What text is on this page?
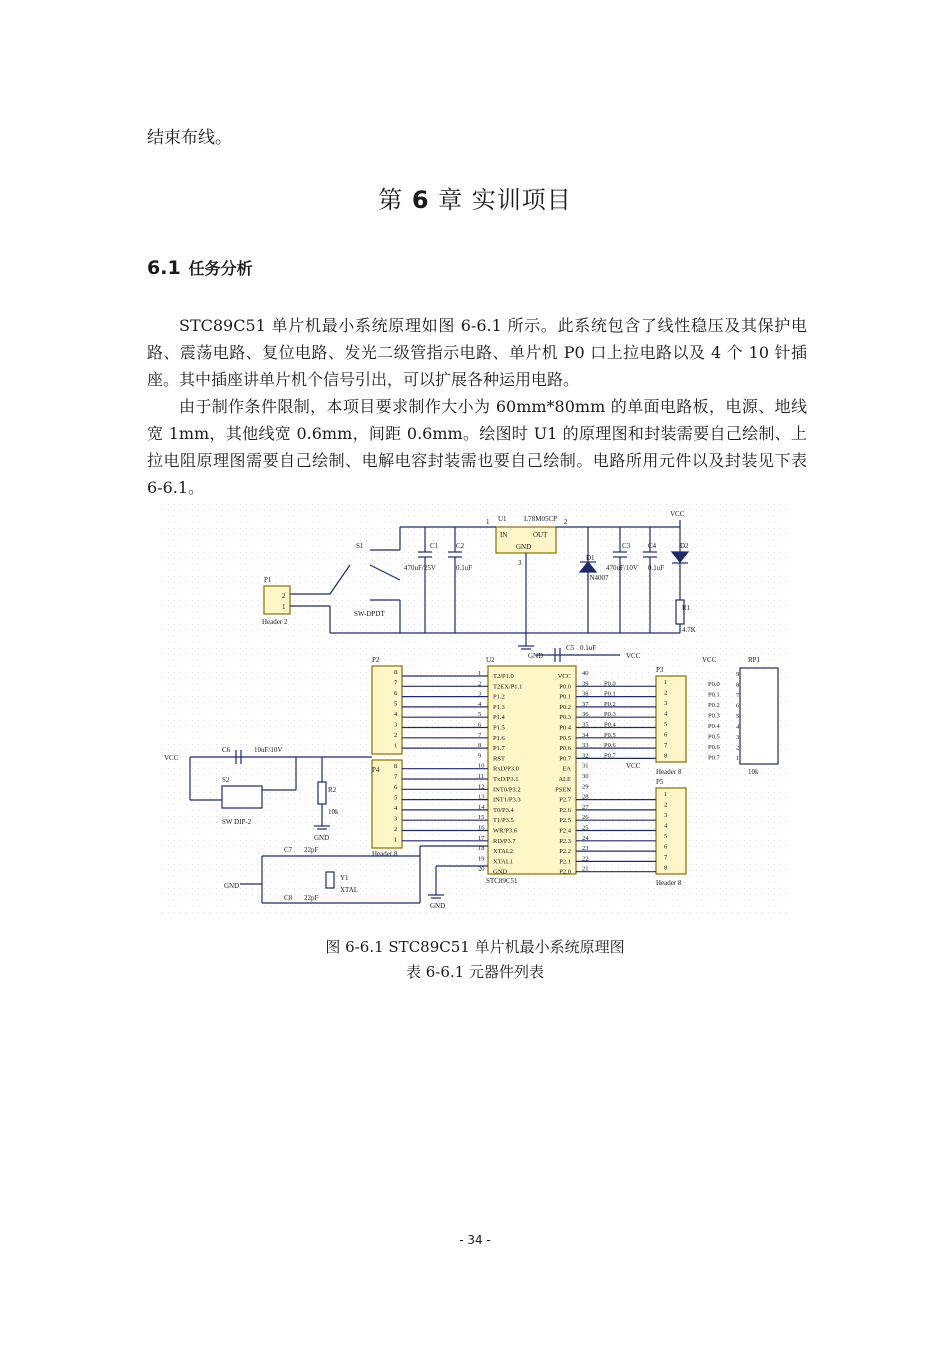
结束布线。
第 6 章 实训项目
6.1 任务分析

STC89C51 单片机最小系统原理如图 6-6.1 所示。此系统包含了线性稳压及其保护电路、震荡电路、复位电路、发光二级管指示电路、单片机 P0 口上拉电路以及 4 个 10 针插座。其中插座讲单片机个信号引出，可以扩展各种运用电路。

由于制作条件限制，本项目要求制作大小为 60mm*80mm 的单面电路板，电源、地线宽 1mm，其他线宽 0.6mm，间距 0.6mm。绘图时 U1 的原理图和封装需要自己绘制、上拉电阻原理图需要自己绘制、电解电容封装需也要自己绘制。电路所用元件以及封装见下表 6-6.1。

U1 L78M05CP
IN	OUT
GND
1	2
3
VCC
C1
470uF/25V
C2
0.1uF
D1
1N4007
C3
470uF/10V
C4
0.1uF
D2
R1
4.7K
S1
SW-DPDT
P1
Header 2
2
1
GND
C5 0.1uF
VCC
P2	U2
STC89C51
P4
Header 8
P3
Header 8
P5
Header 8
VCC
VCC	RP1
10k
VCC
C6	10uF/10V
S2
SW DIP-2
R2
10k
GND
C7 22pF
C8 22pF
Y1
XTAL
GND
GND
1 T2/P1.0
2 T2EX/P1.1
3 P1.2
4 P1.3
5 P1.4
6 P1.5
7 P1.6
8 P1.7
9 RST
10 RxD/P3.0
11 TxD/P3.1
12 INT0/P3.2
13 INT1/P3.3
14 T0/P3.4
15 T1/P3.5
16 WR/P3.6
17 RD/P3.7
18 XTAL2
19 XTAL1
20 GND
40
VCC
39
P0.0
38
P0.1
37
P0.2
36
P0.3
35
P0.4
34
P0.5
33
P0.6
32
P0.7
31
EA
30
ALE
29
PSEN
28
P2.7
27
P2.6
26
P2.5
25
P2.4
24
P2.3
23
P2.2
22
P2.1
21
P2.0
P0.0	P0.0
P0.1	P0.1
P0.2	P0.2
P0.3	P0.3
P0.4	P0.4
P0.5	P0.5
P0.6	P0.6
P0.7	P0.7
8
8
7
7
6
6
5
5
4
4
3
3
2
2
1
1
1
1
2
2
3
3
4
4
5
5
6
6
7
7
8
8
9
8
7
6
5
4
3
2
1
图 6-6.1 STC89C51 单片机最小系统原理图
表 6-6.1 元器件列表
- 34 -
